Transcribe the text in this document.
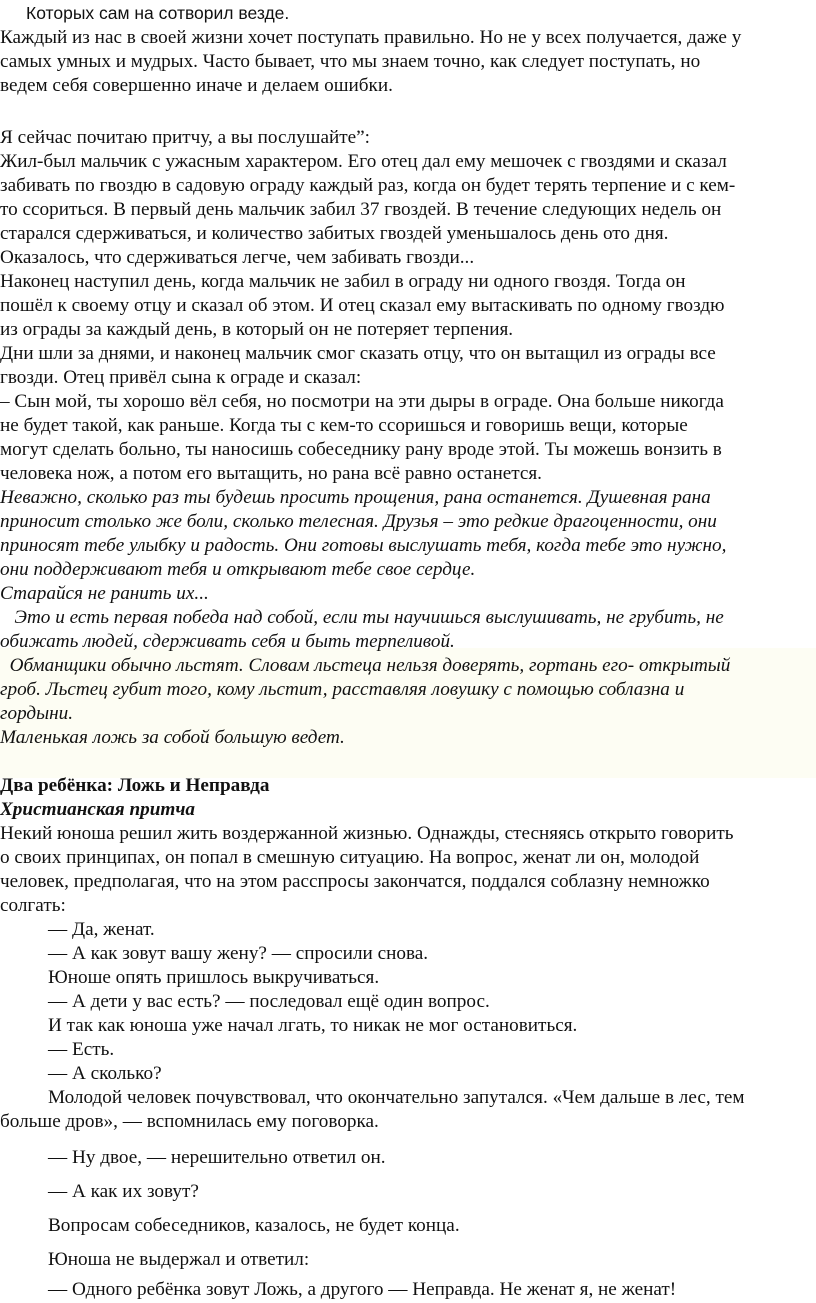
Которых сам на сотворил везде.
Каждый из нас в своей жизни хочет поступать правильно. Но не у всех получается, даже у
самых умных и мудрых. Часто бывает, что мы знаем точно, как следует поступать, но
ведем себя совершенно иначе и делаем ошибки.
Я сейчас почитаю притчу, а вы послушайте”:
Жил-был мальчик с ужасным характером. Его отец дал ему мешочек с гвоздями и сказал
забивать по гвоздю в садовую ограду каждый раз, когда он будет терять терпение и с кем-
то ссориться. В первый день мальчик забил 37 гвоздей. В течение следующих недель он
старался сдерживаться, и количество забитых гвоздей уменьшалось день ото дня.
Оказалось, что сдерживаться легче, чем забивать гвозди...
Наконец наступил день, когда мальчик не забил в ограду ни одного гвоздя. Тогда он
пошёл к своему отцу и сказал об этом. И отец сказал ему вытаскивать по одному гвоздю
из ограды за каждый день, в который он не потеряет терпения.
Дни шли за днями, и наконец мальчик смог сказать отцу, что он вытащил из ограды все
гвозди. Отец привёл сына к ограде и сказал:
– Сын мой, ты хорошо вёл себя, но посмотри на эти дыры в ограде. Она больше никогда
не будет такой, как раньше. Когда ты с кем-то ссоришься и говоришь вещи, которые
могут сделать больно, ты наносишь собеседнику рану вроде этой. Ты можешь вонзить в
человека нож, а потом его вытащить, но рана всё равно останется.
Неважно, сколько раз ты будешь просить прощения, рана останется. Душевная рана
приносит столько же боли, сколько телесная. Друзья – это редкие драгоценности, они
приносят тебе улыбку и радость. Они готовы выслушать тебя, когда тебе это нужно,
они поддерживают тебя и открывают тебе свое сердце.
Старайся не ранить их...
Это и есть первая победа над собой, если ты научишься выслушивать, не грубить, не
обижать людей, сдерживать себя и быть терпеливой.
Обманщики обычно льстят. Словам льстеца нельзя доверять, гортань его- открытый
гроб. Льстец губит того, кому льстит, расставляя ловушку с помощью соблазна и
гордыни.
Маленькая ложь за собой большую ведет.
Два ребёнка: Ложь и Неправда
Христианская притча
Некий юноша решил жить воздержанной жизнью. Однажды, стесняясь открыто говорить
о своих принципах, он попал в смешную ситуацию. На вопрос, женат ли он, молодой
человек, предполагая, что на этом расспросы закончатся, поддался соблазну немножко
солгать:
— Да, женат.
— А как зовут вашу жену? — спросили снова.
Юноше опять пришлось выкручиваться.
— А дети у вас есть? — последовал ещё один вопрос.
И так как юноша уже начал лгать, то никак не мог остановиться.
— Есть.
— А сколько?
Молодой человек почувствовал, что окончательно запутался. «Чем дальше в лес, тем
больше дров», — вспомнилась ему поговорка.
— Ну двое, — нерешительно ответил он.
— А как их зовут?
Вопросам собеседников, казалось, не будет конца.
Юноша не выдержал и ответил:
— Одного ребёнка зовут Ложь, а другого — Неправда. Не женат я, не женат!
